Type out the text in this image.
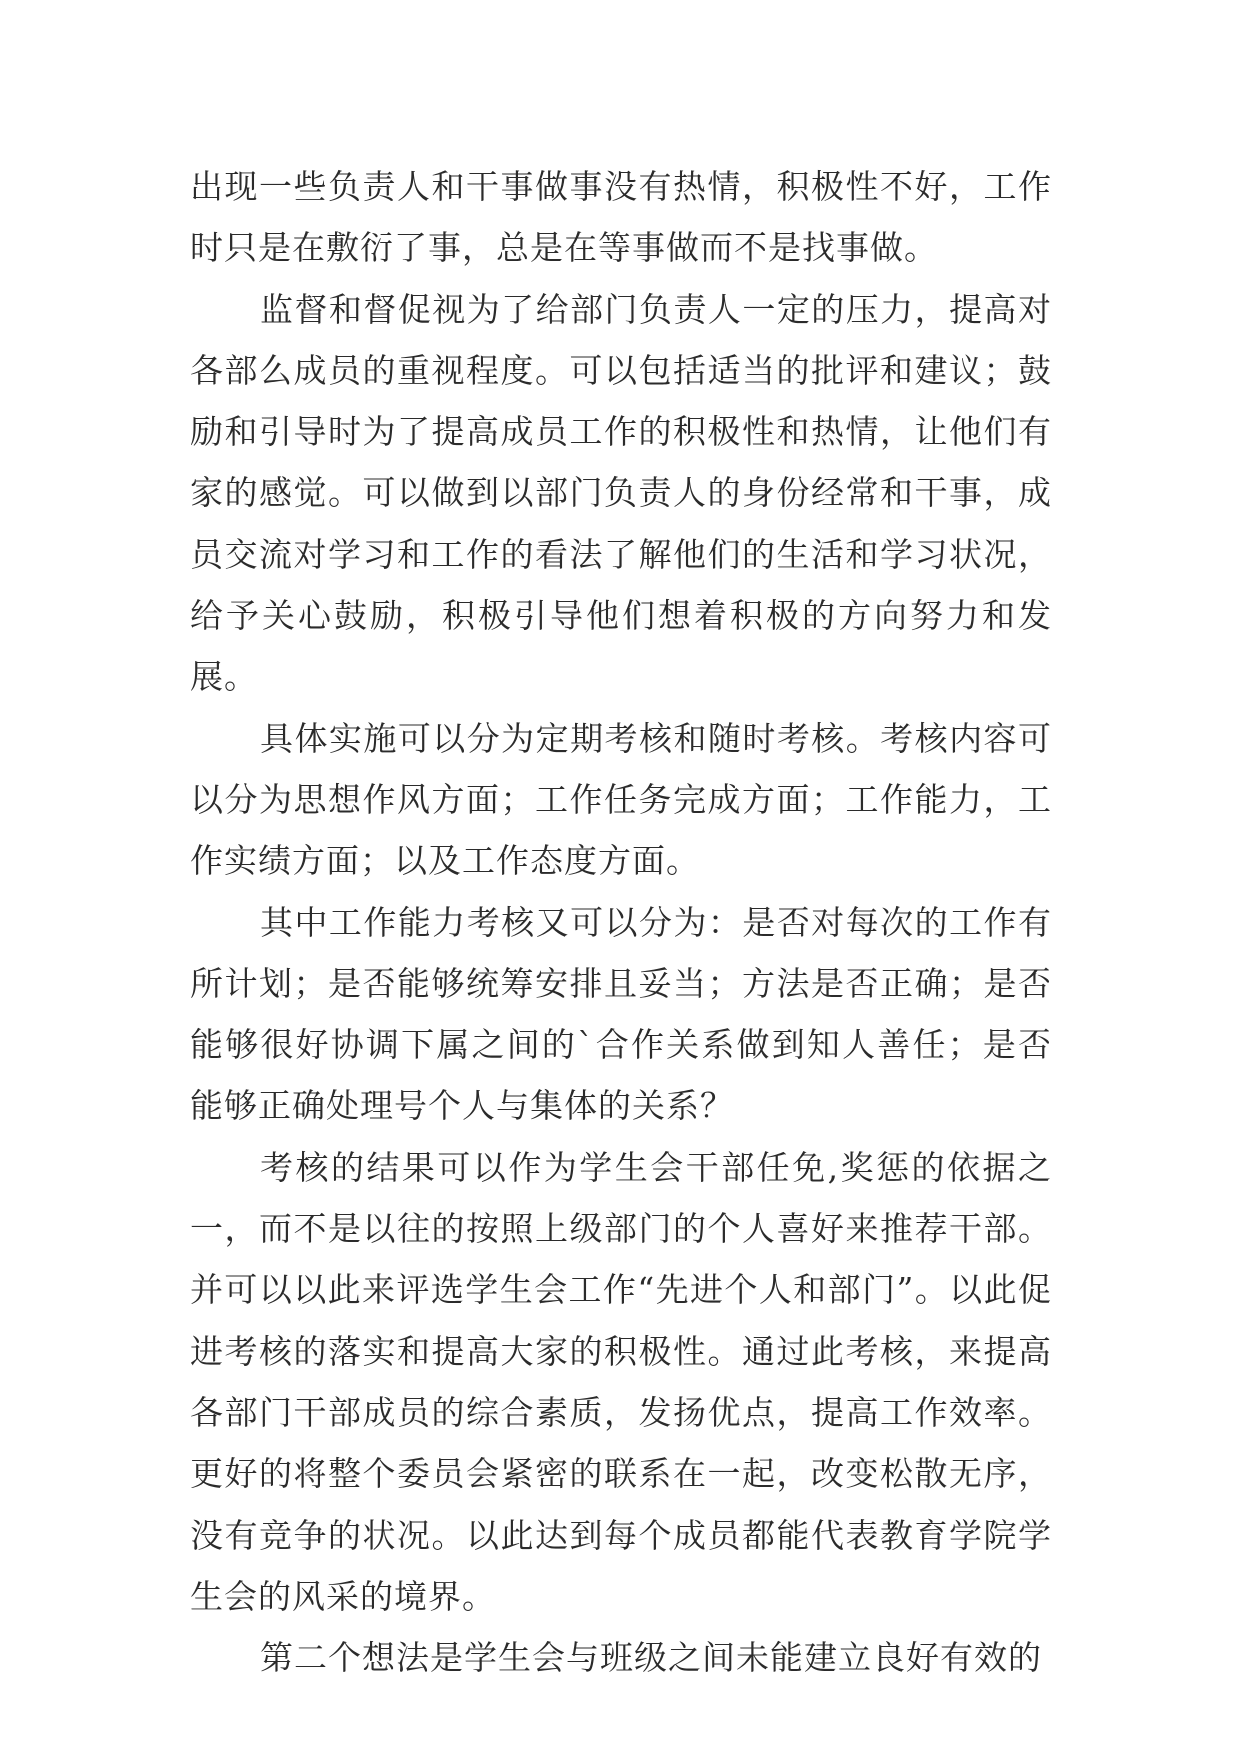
出现一些负责人和干事做事没有热情，积极性不好，工作时只是在敷衍了事，总是在等事做而不是找事做。

监督和督促视为了给部门负责人一定的压力，提高对各部么成员的重视程度。可以包括适当的批评和建议；鼓励和引导时为了提高成员工作的积极性和热情，让他们有家的感觉。可以做到以部门负责人的身份经常和干事，成员交流对学习和工作的看法了解他们的生活和学习状况，给予关心鼓励，积极引导他们想着积极的方向努力和发展。

具体实施可以分为定期考核和随时考核。考核内容可以分为思想作风方面；工作任务完成方面；工作能力，工作实绩方面；以及工作态度方面。

其中工作能力考核又可以分为：是否对每次的工作有所计划；是否能够统筹安排且妥当；方法是否正确；是否能够很好协调下属之间的`合作关系做到知人善任；是否能够正确处理号个人与集体的关系？

考核的结果可以作为学生会干部任免,奖惩的依据之一，而不是以往的按照上级部门的个人喜好来推荐干部。并可以以此来评选学生会工作“先进个人和部门”。以此促进考核的落实和提高大家的积极性。通过此考核，来提高各部门干部成员的综合素质，发扬优点，提高工作效率。更好的将整个委员会紧密的联系在一起，改变松散无序，没有竞争的状况。以此达到每个成员都能代表教育学院学生会的风采的境界。

第二个想法是学生会与班级之间未能建立良好有效的
